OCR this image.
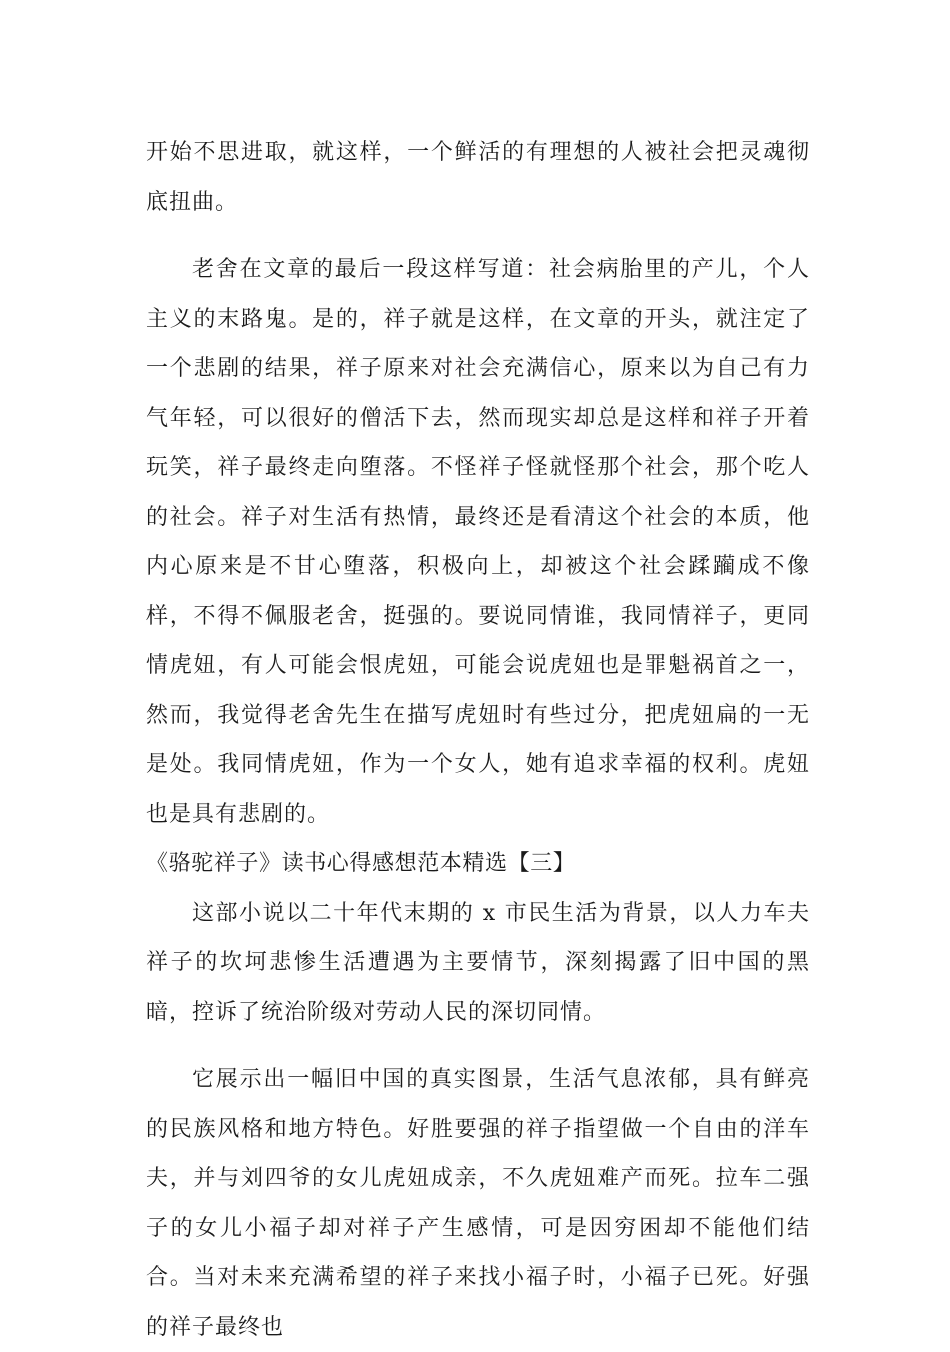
开始不思进取，就这样，一个鲜活的有理想的人被社会把灵魂彻底扭曲。

老舍在文章的最后一段这样写道：社会病胎里的产儿，个人主义的末路鬼。是的，祥子就是这样，在文章的开头，就注定了一个悲剧的结果，祥子原来对社会充满信心，原来以为自己有力气年轻，可以很好的僧活下去，然而现实却总是这样和祥子开着玩笑，祥子最终走向堕落。不怪祥子怪就怪那个社会，那个吃人的社会。祥子对生活有热情，最终还是看清这个社会的本质，他内心原来是不甘心堕落，积极向上，却被这个社会蹂躏成不像样，不得不佩服老舍，挺强的。要说同情谁，我同情祥子，更同情虎妞，有人可能会恨虎妞，可能会说虎妞也是罪魁祸首之一，然而，我觉得老舍先生在描写虎妞时有些过分，把虎妞扁的一无是处。我同情虎妞，作为一个女人，她有追求幸福的权利。虎妞也是具有悲剧的。

《骆驼祥子》读书心得感想范本精选【三】

这部小说以二十年代末期的 x 市民生活为背景，以人力车夫祥子的坎坷悲惨生活遭遇为主要情节，深刻揭露了旧中国的黑暗，控诉了统治阶级对劳动人民的深切同情。

它展示出一幅旧中国的真实图景，生活气息浓郁，具有鲜亮的民族风格和地方特色。好胜要强的祥子指望做一个自由的洋车夫，并与刘四爷的女儿虎妞成亲，不久虎妞难产而死。拉车二强子的女儿小福子却对祥子产生感情，可是因穷困却不能他们结合。当对未来充满希望的祥子来找小福子时，小福子已死。好强的祥子最终也
